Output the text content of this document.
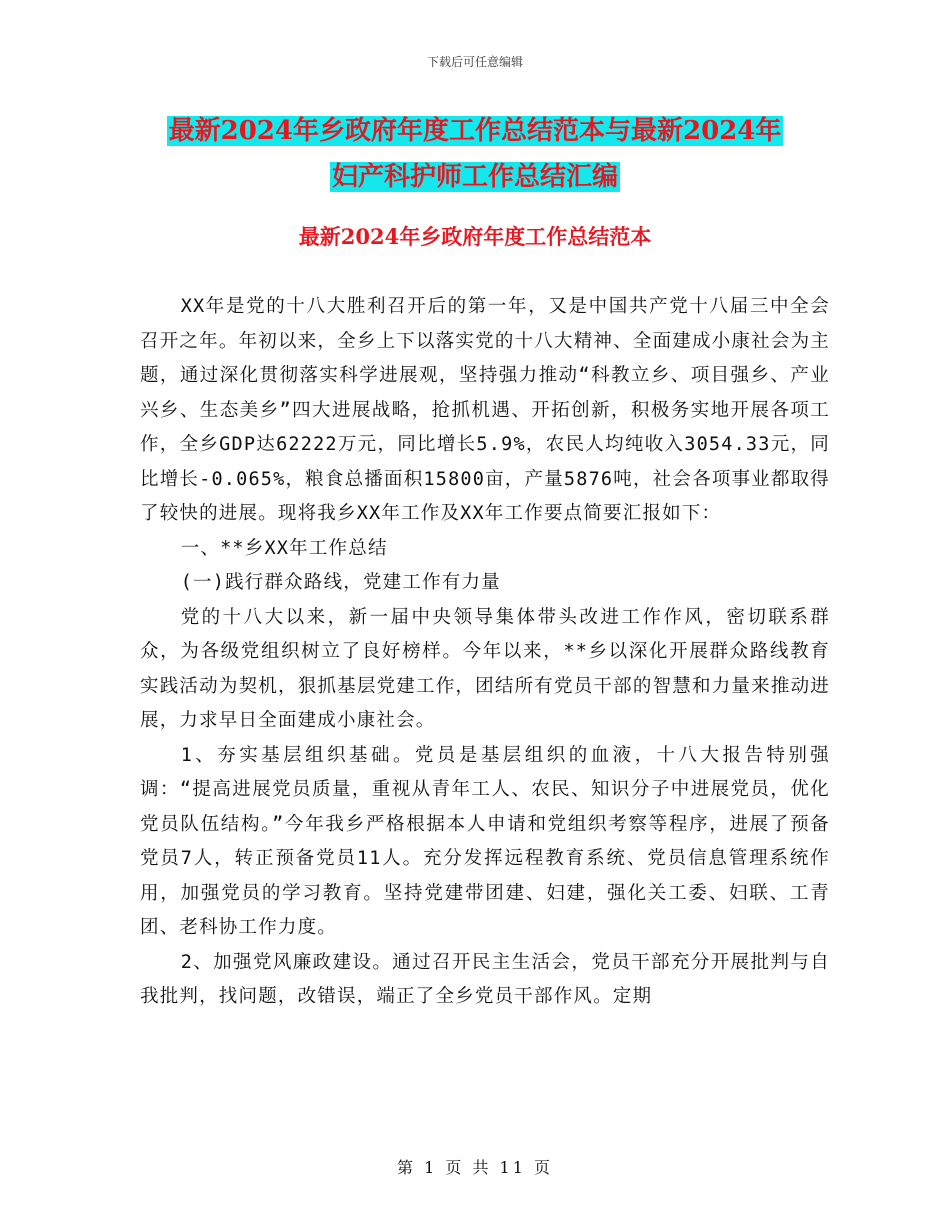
下载后可任意编辑
最新2024年乡政府年度工作总结范本与最新2024年
妇产科护师工作总结汇编
最新2024年乡政府年度工作总结范本

XX年是党的十八大胜利召开后的第一年，又是中国共产党十八届三中全会召开之年。年初以来，全乡上下以落实党的十八大精神、全面建成小康社会为主题，通过深化贯彻落实科学进展观，坚持强力推动“科教立乡、项目强乡、产业兴乡、生态美乡”四大进展战略，抢抓机遇、开拓创新，积极务实地开展各项工作，全乡GDP达62222万元，同比增长5.9%，农民人均纯收入3054.33元，同比增长-0.065%，粮食总播面积15800亩，产量5876吨，社会各项事业都取得了较快的进展。现将我乡XX年工作及XX年工作要点简要汇报如下：

一、**乡XX年工作总结

(一)践行群众路线，党建工作有力量

党的十八大以来，新一届中央领导集体带头改进工作作风，密切联系群众，为各级党组织树立了良好榜样。今年以来，**乡以深化开展群众路线教育实践活动为契机，狠抓基层党建工作，团结所有党员干部的智慧和力量来推动进展，力求早日全面建成小康社会。

1、夯实基层组织基础。党员是基层组织的血液，十八大报告特别强调：“提高进展党员质量，重视从青年工人、农民、知识分子中进展党员，优化党员队伍结构。”今年我乡严格根据本人申请和党组织考察等程序，进展了预备党员7人，转正预备党员11人。充分发挥远程教育系统、党员信息管理系统作用，加强党员的学习教育。坚持党建带团建、妇建，强化关工委、妇联、工青团、老科协工作力度。

2、加强党风廉政建设。通过召开民主生活会，党员干部充分开展批判与自我批判，找问题，改错误，端正了全乡党员干部作风。定期

第 1 页 共 11 页
